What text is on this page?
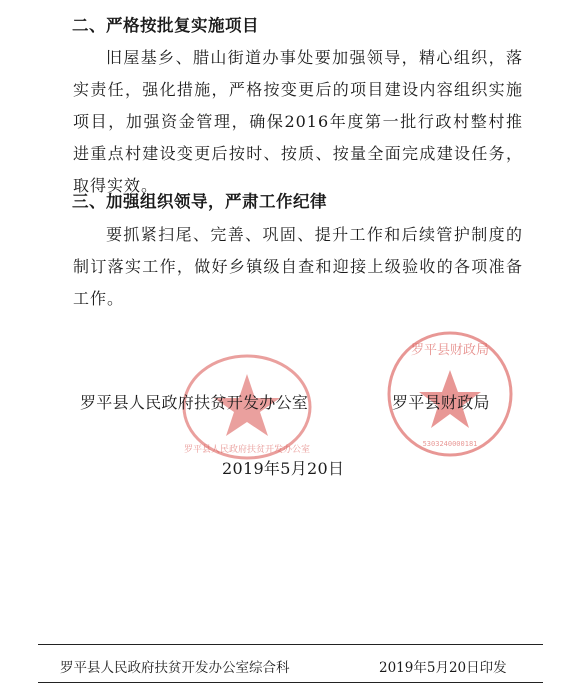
二、严格按批复实施项目

旧屋基乡、腊山街道办事处要加强领导，精心组织，落实责任，强化措施，严格按变更后的项目建设内容组织实施项目，加强资金管理，确保2016年度第一批行政村整村推进重点村建设变更后按时、按质、按量全面完成建设任务，取得实效。

三、加强组织领导，严肃工作纪律

要抓紧扫尾、完善、巩固、提升工作和后续管护制度的制订落实工作，做好乡镇级自查和迎接上级验收的各项准备工作。

罗平县人民政府扶贫开发办公室
罗平县财政局
5303240000181
罗平县人民政府扶贫开发办公室	罗平县财政局
2019年5月20日
罗平县人民政府扶贫开发办公室综合科	2019年5月20日印发
